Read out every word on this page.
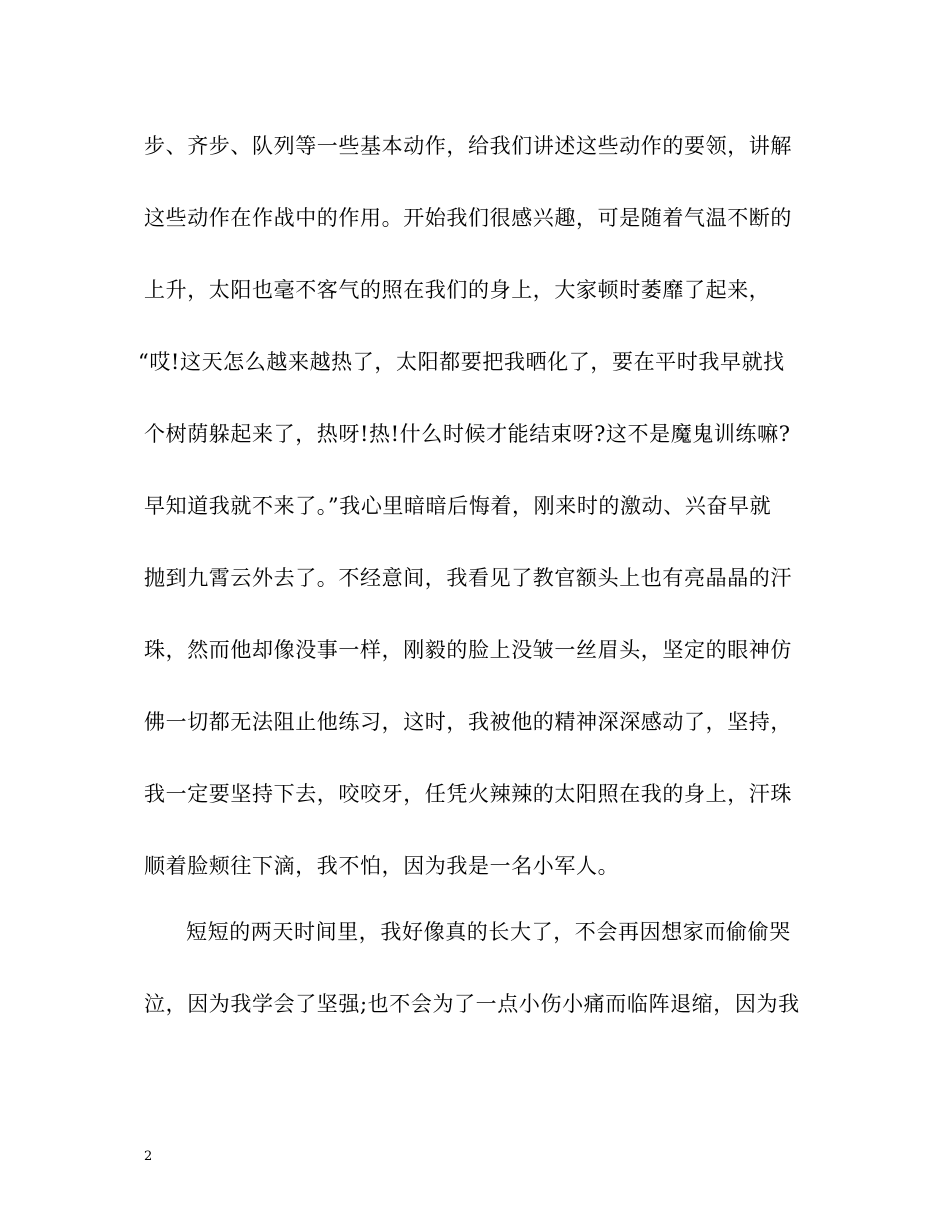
步、齐步、队列等一些基本动作，给我们讲述这些动作的要领，讲解
这些动作在作战中的作用。开始我们很感兴趣，可是随着气温不断的
上升，太阳也毫不客气的照在我们的身上，大家顿时萎靡了起来，
“哎!这天怎么越来越热了，太阳都要把我晒化了，要在平时我早就找
个树荫躲起来了，热呀!热!什么时候才能结束呀?这不是魔鬼训练嘛?
早知道我就不来了。”我心里暗暗后悔着，刚来时的激动、兴奋早就
抛到九霄云外去了。不经意间，我看见了教官额头上也有亮晶晶的汗
珠，然而他却像没事一样，刚毅的脸上没皱一丝眉头，坚定的眼神仿
佛一切都无法阻止他练习，这时，我被他的精神深深感动了，坚持，
我一定要坚持下去，咬咬牙，任凭火辣辣的太阳照在我的身上，汗珠
顺着脸颊往下滴，我不怕，因为我是一名小军人。
短短的两天时间里，我好像真的长大了，不会再因想家而偷偷哭
泣，因为我学会了坚强;也不会为了一点小伤小痛而临阵退缩，因为我
2
